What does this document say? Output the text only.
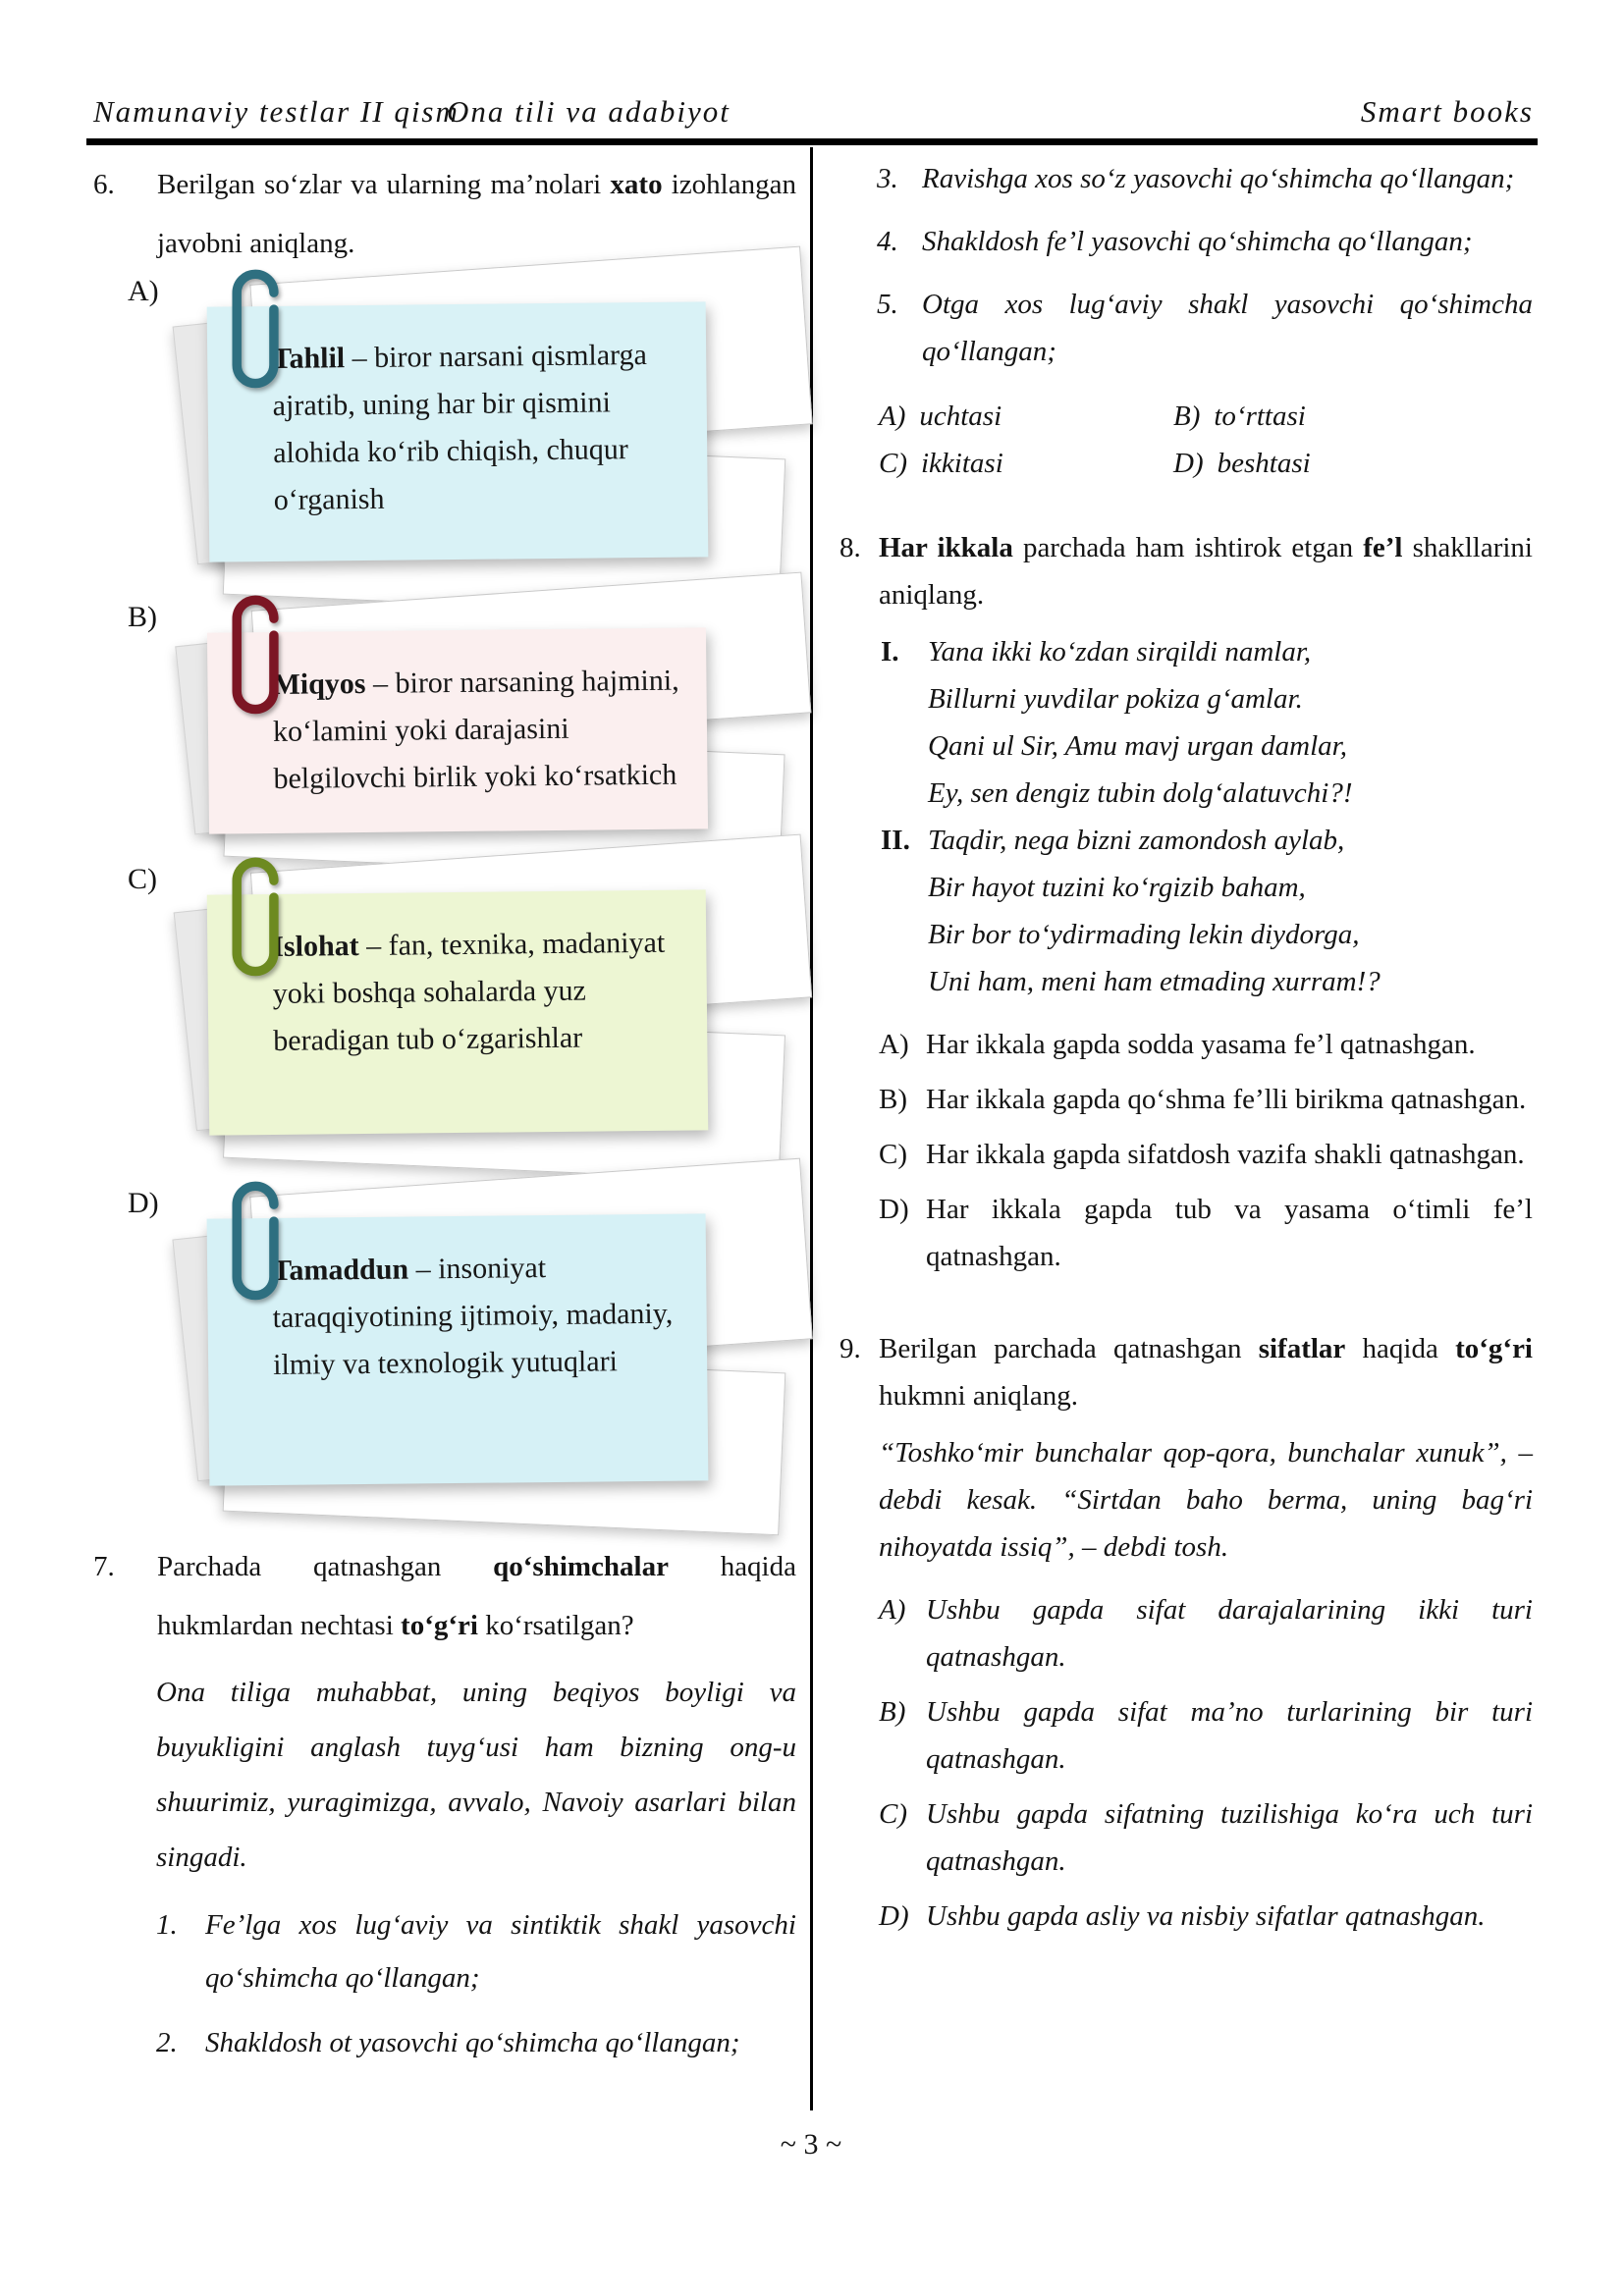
Namunaviy testlar II qism
Ona tili va adabiyot	Smart books
6.	Berilgan so‘zlar va ularning ma’nolari xato izohlangan javobni aniqlang.
A)
Tahlil – biror narsani qismlarga ajratib, uning har bir qismini alohida ko‘rib chiqish, chuqur o‘rganish
B)
Miqyos – biror narsaning hajmini, ko‘lamini yoki darajasini belgilovchi birlik yoki ko‘rsatkich
C)
Islohat – fan, texnika, madaniyat yoki boshqa sohalarda yuz beradigan tub o‘zgarishlar
D)
Tamaddun – insoniyat taraqqiyotining ijtimoiy, madaniy, ilmiy va texnologik yutuqlari
7.	Parchada qatnashgan qo‘shimchalar haqida hukmlardan nechtasi to‘g‘ri ko‘rsatilgan?
Ona tiliga muhabbat, uning beqiyos boyligi va buyukligini anglash tuyg‘usi ham bizning ong-u shuurimiz, yuragimizga, avvalo, Navoiy asarlari bilan singadi.
1. Fe’lga xos lug‘aviy va sintiktik shakl yasovchi qo‘shimcha qo‘llangan;
2. Shakldosh ot yasovchi qo‘shimcha qo‘llangan;
3. Ravishga xos so‘z yasovchi qo‘shimcha qo‘llangan;
4. Shakldosh fe’l yasovchi qo‘shimcha qo‘llangan;
5. Otga xos lug‘aviy shakl yasovchi qo‘shimcha qo‘llangan;
A) uchtasi	B) to‘rttasi
C) ikkitasi	D) beshtasi
8. Har ikkala parchada ham ishtirok etgan fe’l shakllarini aniqlang.
I.	Yana ikki ko‘zdan sirqildi namlar,
Billurni yuvdilar pokiza g‘amlar.
Qani ul Sir, Amu mavj urgan damlar,
Ey, sen dengiz tubin dolg‘alatuvchi?!
II. Taqdir, nega bizni zamondosh aylab,
Bir hayot tuzini ko‘rgizib baham,
Bir bor to‘ydirmading lekin diydorga,
Uni ham, meni ham etmading xurram!?
A) Har ikkala gapda sodda yasama fe’l qatnashgan.
B) Har ikkala gapda qo‘shma fe’lli birikma qatnashgan.
C) Har ikkala gapda sifatdosh vazifa shakli qatnashgan.
D) Har ikkala gapda tub va yasama o‘timli fe’l qatnashgan.
9. Berilgan parchada qatnashgan sifatlar haqida to‘g‘ri hukmni aniqlang.
“Toshko‘mir bunchalar qop-qora, bunchalar xunuk”, – debdi kesak. “Sirtdan baho berma, uning bag‘ri nihoyatda issiq”, – debdi tosh.
A) Ushbu gapda sifat darajalarining ikki turi qatnashgan.
B) Ushbu gapda sifat ma’no turlarining bir turi qatnashgan.
C) Ushbu gapda sifatning tuzilishiga ko‘ra uch turi qatnashgan.
D) Ushbu gapda asliy va nisbiy sifatlar qatnashgan.
~ 3 ~
